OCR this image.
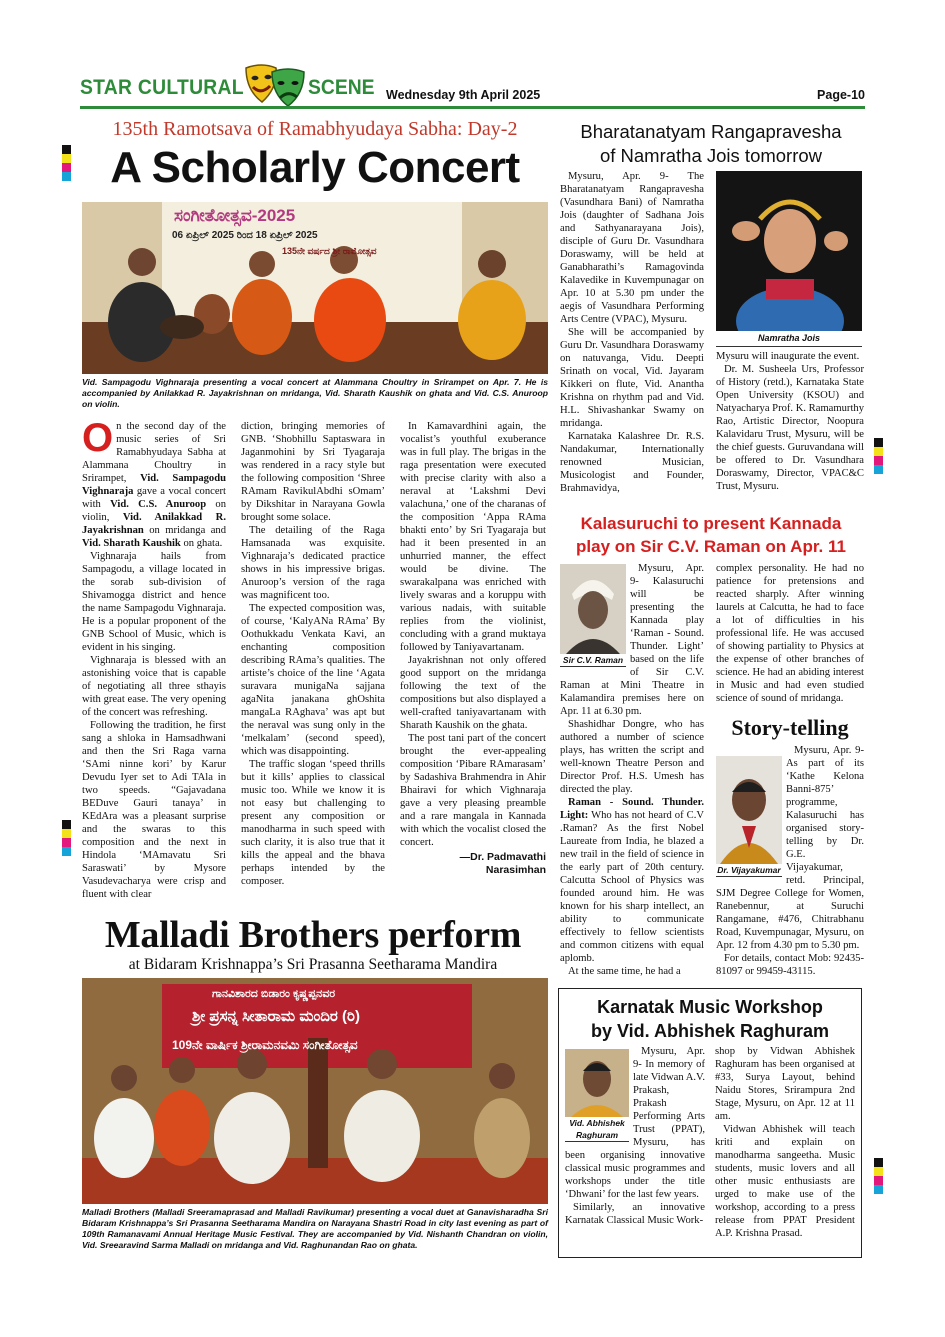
STAR CULTURAL	SCENE Wednesday 9th April 2025	Page-10
135th Ramotsava of Ramabhyudaya Sabha: Day-2
A Scholarly Concert
ಸಂಗೀತೋತ್ಸವ-2025
06 ಏಪ್ರಿಲ್ 2025 ರಿಂದ 18 ಏಪ್ರಿಲ್ 2025
135ನೇ ವರ್ಷದ ಶ್ರೀ ರಾಮೋತ್ಸವ
Vid. Sampagodu Vighnaraja presenting a vocal concert at Alammana Choultry in Srirampet on Apr. 7. He is accompanied by Anilakkad R. Jayakrishnan on mridanga, Vid. Sharath Kaushik on ghata and Vid. C.S. Anuroop on violin.

On the second day of the music series of Sri Ramabhyudaya Sabha at Alammana Choultry in Srirampet, Vid. Sampagodu Vighnaraja gave a vocal concert with Vid. C.S. Anuroop on violin, Vid. Anilakkad R. Jayakrishnan on mridanga and Vid. Sharath Kaushik on ghata.

Vighnaraja hails from Sampagodu, a village located in the sorab sub-division of Shivamogga district and hence the name Sampagodu Vighnaraja. He is a popular proponent of the GNB School of Music, which is evident in his singing.

Vighnaraja is blessed with an astonishing voice that is capable of negotiating all three sthayis with great ease. The very opening of the concert was refreshing.

Following the tradition, he first sang a shloka in Hamsadhwani and then the Sri Raga varna ‘SAmi ninne kori’ by Karur Devudu Iyer set to Adi TAla in two speeds. “Gajavadana BEDuve Gauri tanaya’ in KEdAra was a pleasant surprise and the swaras to this composition and the next in Hindola ‘MAmavatu Sri Saraswati’ by Mysore Vasudevacharya were crisp and fluent with clear

diction, bringing memories of GNB. ‘Shobhillu Saptaswara in Jaganmohini by Sri Tyagaraja was rendered in a racy style but the following composition ‘Shree RAmam RavikulAbdhi sOmam’ by Dikshitar in Narayana Gowla brought some solace.

The detailing of the Raga Hamsanada was exquisite. Vighnaraja’s dedicated practice shows in his impressive brigas. Anuroop’s version of the raga was magnificent too.

The expected composition was, of course, ‘KalyANa RAma’ By Oothukkadu Venkata Kavi, an enchanting composition describing RAma’s qualities. The artiste’s choice of the line ‘Agata suravara munigaNa sajjana agaNita janakana ghOshita mangaLa RAghava’ was apt but the neraval was sung only in the ‘melkalam’ (second speed), which was disappointing.

The traffic slogan ‘speed thrills but it kills’ applies to classical music too. While we know it is not easy but challenging to present any composition or manodharma in such speed with such clarity, it is also true that it kills the appeal and the bhava perhaps intended by the composer.

In Kamavardhini again, the vocalist’s youthful exuberance was in full play. The brigas in the raga presentation were executed with precise clarity with also a neraval at ‘Lakshmi Devi valachuna,’ one of the charanas of the composition ‘Appa RAma bhakti ento’ by Sri Tyagaraja but had it been presented in an unhurried manner, the effect would be divine. The swarakalpana was enriched with lively swaras and a koruppu with various nadais, with suitable replies from the violinist, concluding with a grand muktaya followed by Taniyavartanam.

Jayakrishnan not only offered good support on the mridanga following the text of the compositions but also displayed a well-crafted taniyavartanam with Sharath Kaushik on the ghata.

The post tani part of the concert brought the ever-appealing composition ‘Pibare RAmarasam’ by Sadashiva Brahmendra in Ahir Bhairavi for which Vighnaraja gave a very pleasing preamble and a rare mangala in Kannada with which the vocalist closed the concert.

—Dr. Padmavathi
Narasimhan
Malladi Brothers perform
at Bidaram Krishnappa’s Sri Prasanna Seetharama Mandira
ಗಾನವಿಶಾರದ ಬಿಡಾರಂ ಕೃಷ್ಣಪ್ಪನವರ
ಶ್ರೀ ಪ್ರಸನ್ನ ಸೀತಾರಾಮ ಮಂದಿರ (ರಿ)
109ನೇ ವಾರ್ಷಿಕ ಶ್ರೀರಾಮನವಮಿ ಸಂಗೀತೋತ್ಸವ
Malladi Brothers (Malladi Sreeramaprasad and Malladi Ravikumar) presenting a vocal duet at Ganavisharadha Sri Bidaram Krishnappa’s Sri Prasanna Seetharama Mandira on Narayana Shastri Road in city last evening as part of 109th Ramanavami Annual Heritage Music Festival. They are accompanied by Vid. Nishanth Chandran on violin, Vid. Sreearavind Sarma Malladi on mridanga and Vid. Raghunandan Rao on ghata.
Bharatanatyam Rangapravesha
of Namratha Jois tomorrow
Namratha Jois

Mysuru, Apr. 9- The Bharatanatyam Rangapravesha (Vasundhara Bani) of Namratha Jois (daughter of Sadhana Jois and Sathyanarayana Jois), disciple of Guru Dr. Vasundhara Doraswamy, will be held at Ganabharathi’s Ramagovinda Kalavedike in Kuvempunagar on Apr. 10 at 5.30 pm under the aegis of Vasundhara Performing Arts Centre (VPAC), Mysuru.

She will be accompanied by Guru Dr. Vasundhara Doraswamy on natuvanga, Vidu. Deepti Srinath on vocal, Vid. Jayaram Kikkeri on flute, Vid. Anantha Krishna on rhythm pad and Vid. H.L. Shivashankar Swamy on mridanga.

Karnataka Kalashree Dr. R.S. Nandakumar, Internationally renowned Musician, Musicologist and Founder, Brahmavidya,

Mysuru will inaugurate the event.

Dr. M. Susheela Urs, Professor of History (retd.), Karnataka State Open University (KSOU) and Natyacharya Prof. K. Ramamurthy Rao, Artistic Director, Noopura Kalavidaru Trust, Mysuru, will be the chief guests. Guruvandana will be offered to Dr. Vasundhara Doraswamy, Director, VPAC&C Trust, Mysuru.

Kalasuruchi to present Kannada
play on Sir C.V. Raman on Apr. 11
Sir C.V. Raman

Mysuru, Apr. 9- Kalasuruchi will be presenting the Kannada play ‘Raman - Sound. Thunder. Light’ based on the life of Sir C.V. Raman at Mini Theatre in Kalamandira premises here on Apr. 11 at 6.30 pm.

Shashidhar Dongre, who has authored a number of science plays, has written the script and well-known Theatre Person and Director Prof. H.S. Umesh has directed the play.

Raman - Sound. Thunder. Light: Who has not heard of C.V .Raman? As the first Nobel Laureate from India, he blazed a new trail in the field of science in the early part of 20th century. Calcutta School of Physics was founded around him. He was known for his sharp intellect, an ability to communicate effectively to fellow scientists and common citizens with equal aplomb.

At the same time, he had a

complex personality. He had no patience for pretensions and reacted sharply. After winning laurels at Calcutta, he had to face a lot of difficulties in his professional life. He was accused of showing partiality to Physics at the expense of other branches of science. He had an abiding interest in Music and had even studied science of sound of mridanga.

Story-telling
Dr. Vijayakumar

Mysuru, Apr. 9- As part of its ‘Kathe Kelona Banni-875’ programme, Kalasuruchi has organised story-telling by Dr. G.E. Vijayakumar, retd. Principal, SJM Degree College for Women, Ranebennur, at Suruchi Rangamane, #476, Chitrabhanu Road, Kuvempunagar, Mysuru, on Apr. 12 from 4.30 pm to 5.30 pm.

For details, contact Mob: 92435-81097 or 99459-43115.

Karnatak Music Workshop
by Vid. Abhishek Raghuram
Vid. Abhishek
Raghuram

Mysuru, Apr. 9- In memory of late Vidwan A.V. Prakash, Prakash Performing Arts Trust (PPAT), Mysuru, has been organising innovative classical music programmes and workshops under the title ‘Dhwani’ for the last few years.

Similarly, an innovative Karnatak Classical Music Work-

shop by Vidwan Abhishek Raghuram has been organised at #33, Surya Layout, behind Naidu Stores, Srirampura 2nd Stage, Mysuru, on Apr. 12 at 11 am.

Vidwan Abhishek will teach kriti and explain on manodharma sangeetha. Music students, music lovers and all other music enthusiasts are urged to make use of the workshop, according to a press release from PPAT President A.P. Krishna Prasad.
